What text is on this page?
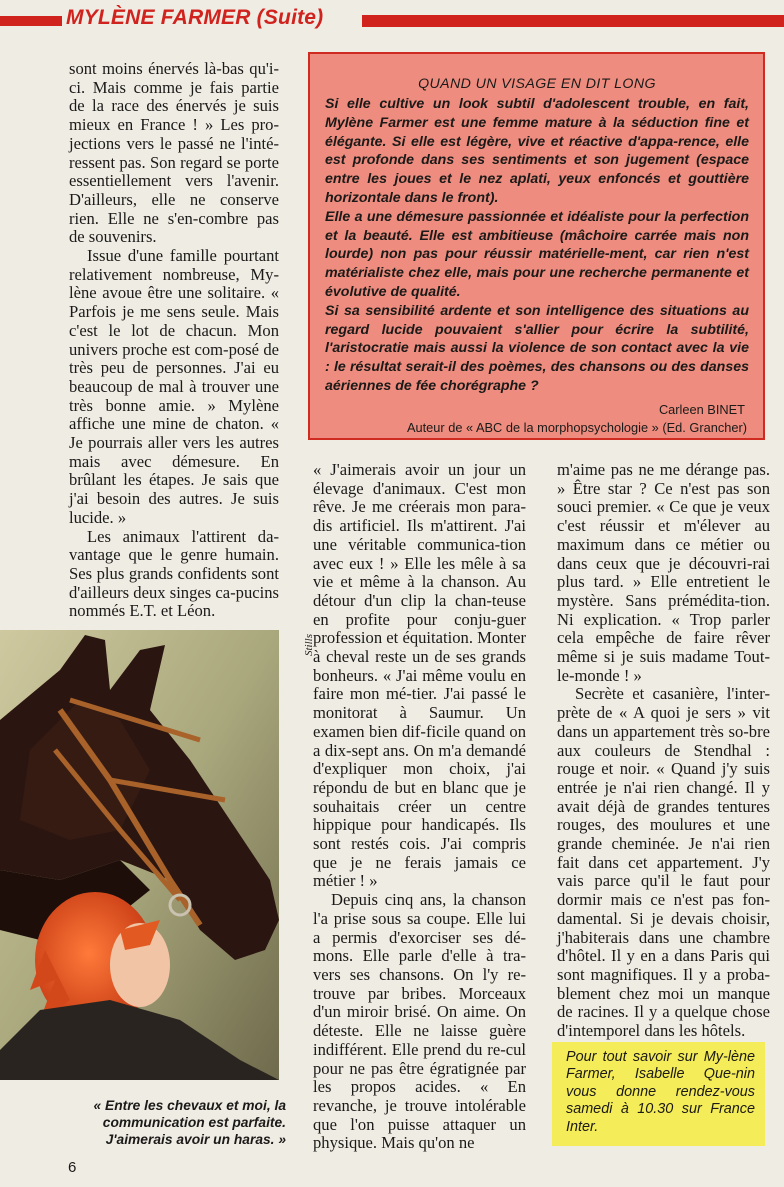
MYLÈNE FARMER (Suite)

sont moins énervés là-bas qu'i-ci. Mais comme je fais partie de la race des énervés je suis mieux en France ! » Les pro-jections vers le passé ne l'inté-ressent pas. Son regard se porte essentiellement vers l'avenir. D'ailleurs, elle ne conserve rien. Elle ne s'en-combre pas de souvenirs.

Issue d'une famille pourtant relativement nombreuse, My-lène avoue être une solitaire. « Parfois je me sens seule. Mais c'est le lot de chacun. Mon univers proche est com-posé de très peu de personnes. J'ai eu beaucoup de mal à trouver une très bonne amie. » Mylène affiche une mine de chaton. « Je pourrais aller vers les autres mais avec démesure. En brûlant les étapes. Je sais que j'ai besoin des autres. Je suis lucide. »

Les animaux l'attirent da-vantage que le genre humain. Ses plus grands confidents sont d'ailleurs deux singes ca-pucins nommés E.T. et Léon.

QUAND UN VISAGE EN DIT LONG

Si elle cultive un look subtil d'adolescent trouble, en fait, Mylène Farmer est une femme mature à la séduction fine et élégante. Si elle est légère, vive et réactive d'appa-rence, elle est profonde dans ses sentiments et son jugement (espace entre les joues et le nez aplati, yeux enfoncés et gouttière horizontale dans le front).

Elle a une démesure passionnée et idéaliste pour la perfection et la beauté. Elle est ambitieuse (mâchoire carrée mais non lourde) non pas pour réussir matérielle-ment, car rien n'est matérialiste chez elle, mais pour une recherche permanente et évolutive de qualité.

Si sa sensibilité ardente et son intelligence des situations au regard lucide pouvaient s'allier pour écrire la subtilité, l'aristocratie mais aussi la violence de son contact avec la vie : le résultat serait-il des poèmes, des chansons ou des danses aériennes de fée chorégraphe ?

Carleen BINET
Auteur de « ABC de la morphopsychologie » (Ed. Grancher)
Stills
« Entre les chevaux et moi, la communication est parfaite. J'aimerais avoir un haras. »

« J'aimerais avoir un jour un élevage d'animaux. C'est mon rêve. Je me créerais mon para-dis artificiel. Ils m'attirent. J'ai une véritable communica-tion avec eux ! » Elle les mêle à sa vie et même à la chanson. Au détour d'un clip la chan-teuse en profite pour conju-guer profession et équitation. Monter à cheval reste un de ses grands bonheurs. « J'ai même voulu en faire mon mé-tier. J'ai passé le monitorat à Saumur. Un examen bien dif-ficile quand on a dix-sept ans. On m'a demandé d'expliquer mon choix, j'ai répondu de but en blanc que je souhaitais créer un centre hippique pour handicapés. Ils sont restés cois. J'ai compris que je ne ferais jamais ce métier ! »

Depuis cinq ans, la chanson l'a prise sous sa coupe. Elle lui a permis d'exorciser ses dé-mons. Elle parle d'elle à tra-vers ses chansons. On l'y re-trouve par bribes. Morceaux d'un miroir brisé. On aime. On déteste. Elle ne laisse guère indifférent. Elle prend du re-cul pour ne pas être égratignée par les propos acides. « En revanche, je trouve intolérable que l'on puisse attaquer un physique. Mais qu'on ne

m'aime pas ne me dérange pas. » Être star ? Ce n'est pas son souci premier. « Ce que je veux c'est réussir et m'élever au maximum dans ce métier ou dans ceux que je découvri-rai plus tard. » Elle entretient le mystère. Sans prémédita-tion. Ni explication. « Trop parler cela empêche de faire rêver même si je suis madame Tout-le-monde ! »

Secrète et casanière, l'inter-prète de « A quoi je sers » vit dans un appartement très so-bre aux couleurs de Stendhal : rouge et noir. « Quand j'y suis entrée je n'ai rien changé. Il y avait déjà de grandes tentures rouges, des moulures et une grande cheminée. Je n'ai rien fait dans cet appartement. J'y vais parce qu'il le faut pour dormir mais ce n'est pas fon-damental. Si je devais choisir, j'habiterais dans une chambre d'hôtel. Il y en a dans Paris qui sont magnifiques. Il y a proba-blement chez moi un manque de racines. Il y a quelque chose d'intemporel dans les hôtels.

Pour tout savoir sur My-lène Farmer, Isabelle Que-nin vous donne rendez-vous samedi à 10.30 sur France Inter.

6
